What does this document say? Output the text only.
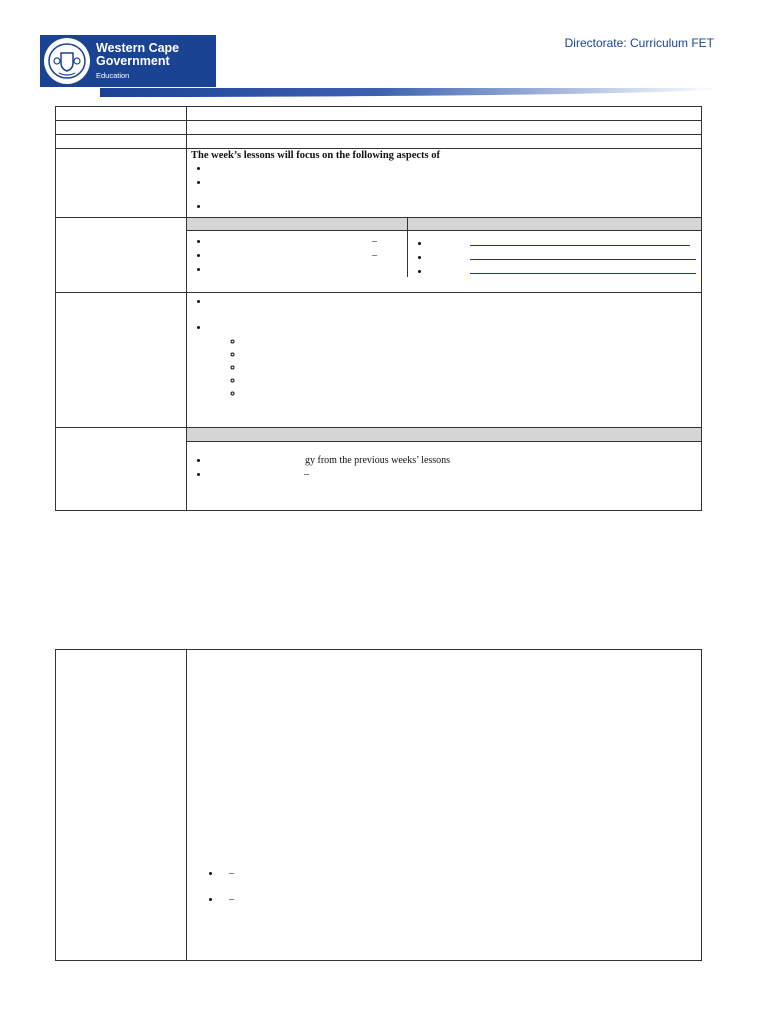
Western Cape
Government
Education
Directorate: Curriculum FET

The week’s lessons will focus on the following aspects of
•
•
•

• –
• –
•

•
•
•

•
•
◦
◦
◦
◦
◦

• gy from the previous weeks’ lessons
• –

• –
• –
